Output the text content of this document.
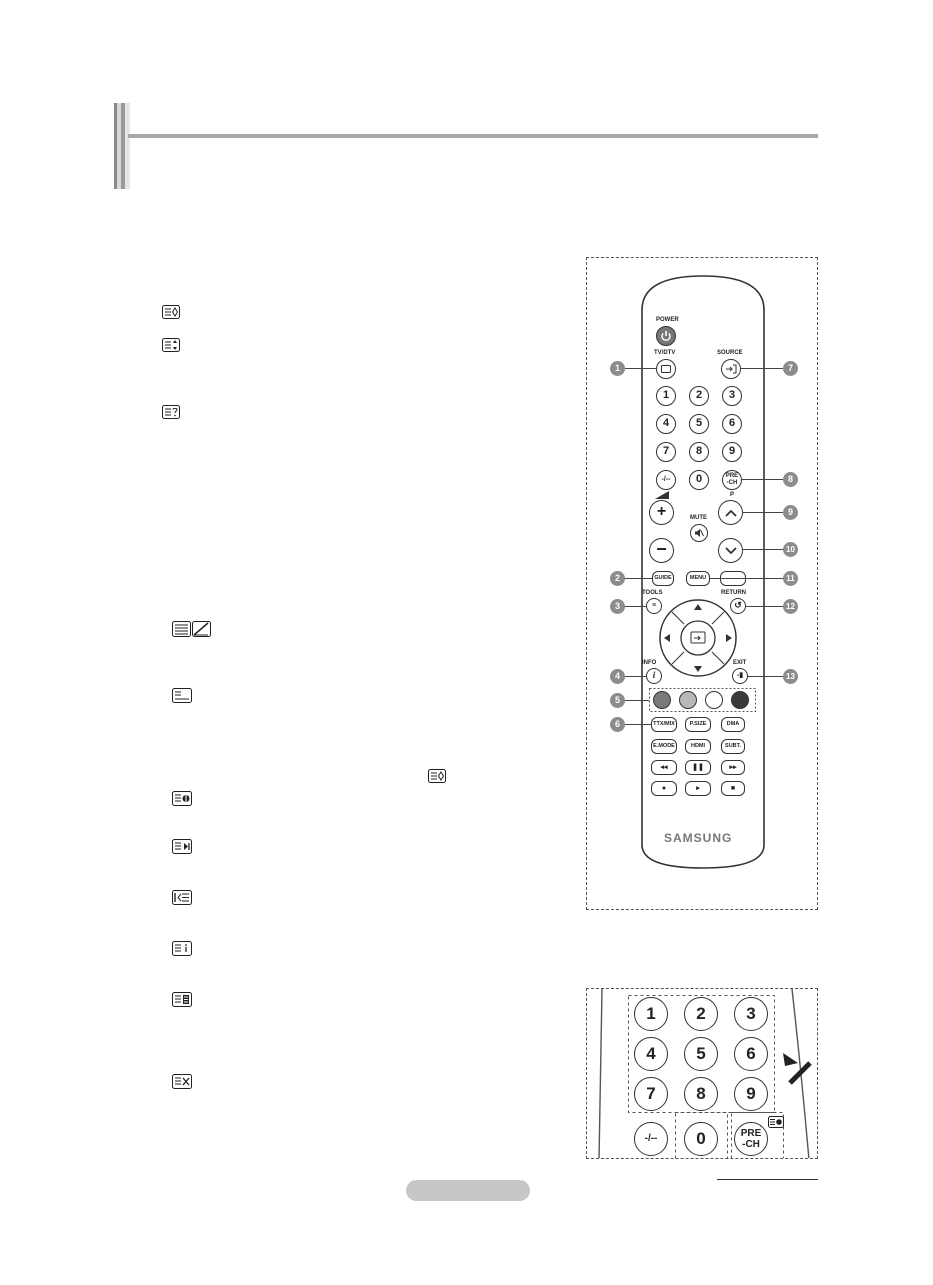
POWER
TV/DTV	SOURCE
1	2	3
4	5	6
7	8	9
-/--	0	PRE
-CH
+
P
MUTE
−
GUIDE	MENU
TOOLS
≡
RETURN
↺
INFO
i
EXIT
-▮
TTX/MIX	P.SIZE	DMA
E.MODE	HDMI	SUBT.
◂◂	❚❚	▸▸
●	▸	■
SAMSUNG
1
2
3
4
5
6
7
8
9
10
11
12
13
1	2	3
4	5	6
7	8	9
-/--	0	PRE
-CH
